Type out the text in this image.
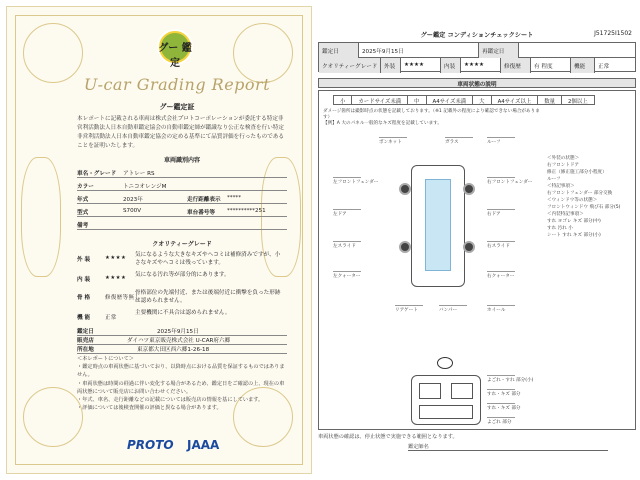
グー 鑑定
U-car Grading Report
グー鑑定証
本レポートに記載される車両は株式会社プロトコーポレーションが委託する特定非営利活動法人日本自動車鑑定協会の自動車鑑定師が鑑識なり公正な検査を行い特定非営利活動法人日本自動車鑑定協会の定める基準にて品質評価を行ったものであることを証明いたします。
車両識別内容
車名・グレード アトレー RS
カラー	トニコオレンジM
年式	2023年	走行距離表示 *****
型式	S700V	車台番号等 **********251
備考
クオリティーグレード
外 装	★★★★ 気になるような大きなキズやヘコミは補修済みですが、小さなキズやヘコミは残っています。
内 装	★★★★ 気になる汚れ等が部分的にあります。
骨 格	修復歴等無し
骨格部位の先端付近、または後端付近に衝撃を負った形跡は認められません。
機 能	正常
主要機関に不具合は認められません。
鑑定日	2025年9月15日
販売店	ダイハツ東京販売株式会社 U-CAR府六郷
所在地	東京都大田区西六郷1-26-18
＜本レポートについて＞
・鑑定時点の車両状態に基づいており、以降時点における品質を保証するものではありません。
・車両状態は時間の経過に伴い変化する場合があるため、鑑定日をご確認の上、現在の車両状態について販売店にお問い合わせください。
・年式、車名、走行距離などの記載については販売店の情報を基にしています。
・評価については後検査開催の評価と異なる場合があります。
PROTO JAAA
グー鑑定 コンディションチェックシート	J51725I1502
鑑定日	2025年9月15日	再鑑定日
クオリティーグレード	外装	★★★★	内装	★★★★	修復歴	有 程度	機能	正常
車両状態の説明
小 カードサイズ未満 中 A4サイズ未満 大 A4サイズ以上 数量 2個以上
ダメージ箇所は撮影時点の状態を記載しております。（※1 記載外の程度により確認できない場合があります）
【例】A 大のパネル一般的なキズ程度を記載しています。
ボンネット	ガラス	ルーフ
左フロントフェンダー	右フロントフェンダー
左ドア	右ドア
左スライド	右スライド
左クォーター	右クォーター
リアゲート	バンパー	ホイール
＜外装の状態＞
右フロントドア
修正（修正施工部分小程度）
ルーフ
＜特記事項＞
右フロントフェンダー 部分交換
＜ウィンドウ等の状態＞
フロントウィンドウ 飛び石 部分(5)
＜内装特記事項＞
すれ ヨゴレ キズ 部分(中)
すれ 汚れ 小
シート すれ キズ 部分(小)
よごれ・すれ 部分(小)
すれ・キズ 部分
すれ・キズ 部分
よごれ 部分
車両状態の確認は、停止状態で実施できる範囲となります。
鑑定師名
